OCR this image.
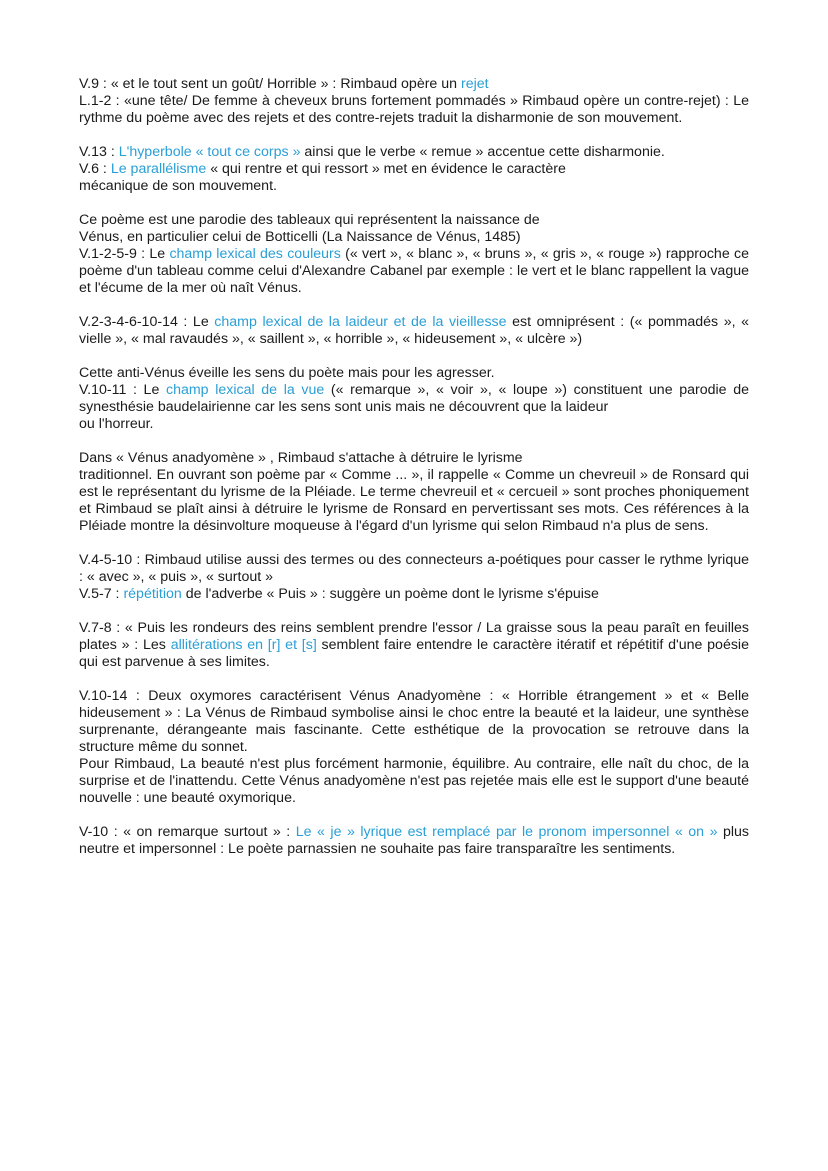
V.9 : « et le tout sent un goût/ Horrible » : Rimbaud opère un rejet
L.1-2 : «une tête/ De femme à cheveux bruns fortement pommadés » Rimbaud opère un contre-rejet) : Le rythme du poème avec des rejets et des contre-rejets traduit la disharmonie de son mouvement.
V.13 : L'hyperbole « tout ce corps » ainsi que le verbe « remue » accentue cette disharmonie.
V.6 : Le parallélisme « qui rentre et qui ressort » met en évidence le caractère
mécanique de son mouvement.
Ce poème est une parodie des tableaux qui représentent la naissance de
Vénus, en particulier celui de Botticelli (La Naissance de Vénus, 1485)
V.1-2-5-9 : Le champ lexical des couleurs (« vert », « blanc », « bruns », « gris », « rouge ») rapproche ce poème d'un tableau comme celui d'Alexandre Cabanel par exemple : le vert et le blanc rappellent la vague et l'écume de la mer où naît Vénus.
V.2-3-4-6-10-14 : Le champ lexical de la laideur et de la vieillesse est omniprésent : (« pommadés », « vielle », « mal ravaudés », « saillent », « horrible », « hideusement », « ulcère »)
Cette anti-Vénus éveille les sens du poète mais pour les agresser.
V.10-11 : Le champ lexical de la vue (« remarque », « voir », « loupe ») constituent une parodie de synesthésie baudelairienne car les sens sont unis mais ne découvrent que la laideur
ou l'horreur.
Dans « Vénus anadyomène » , Rimbaud s'attache à détruire le lyrisme
traditionnel. En ouvrant son poème par « Comme ... », il rappelle « Comme un chevreuil » de Ronsard qui est le représentant du lyrisme de la Pléiade. Le terme chevreuil et « cercueil » sont proches phoniquement et Rimbaud se plaît ainsi à détruire le lyrisme de Ronsard en pervertissant ses mots. Ces références à la Pléiade montre la désinvolture moqueuse à l'égard d'un lyrisme qui selon Rimbaud n'a plus de sens.
V.4-5-10 : Rimbaud utilise aussi des termes ou des connecteurs a-poétiques pour casser le rythme lyrique : « avec », « puis », « surtout »
V.5-7 : répétition de l'adverbe « Puis » : suggère un poème dont le lyrisme s'épuise
V.7-8 : « Puis les rondeurs des reins semblent prendre l'essor / La graisse sous la peau paraît en feuilles plates » : Les allitérations en [r] et [s] semblent faire entendre le caractère itératif et répétitif d'une poésie qui est parvenue à ses limites.
V.10-14 : Deux oxymores caractérisent Vénus Anadyomène : « Horrible étrangement » et « Belle hideusement » : La Vénus de Rimbaud symbolise ainsi le choc entre la beauté et la laideur, une synthèse surprenante, dérangeante mais fascinante. Cette esthétique de la provocation se retrouve dans la structure même du sonnet.
Pour Rimbaud, La beauté n'est plus forcément harmonie, équilibre. Au contraire, elle naît du choc, de la surprise et de l'inattendu. Cette Vénus anadyomène n'est pas rejetée mais elle est le support d'une beauté nouvelle : une beauté oxymorique.
V-10 : « on remarque surtout » : Le « je » lyrique est remplacé par le pronom impersonnel « on » plus neutre et impersonnel : Le poète parnassien ne souhaite pas faire transparaître les sentiments.
